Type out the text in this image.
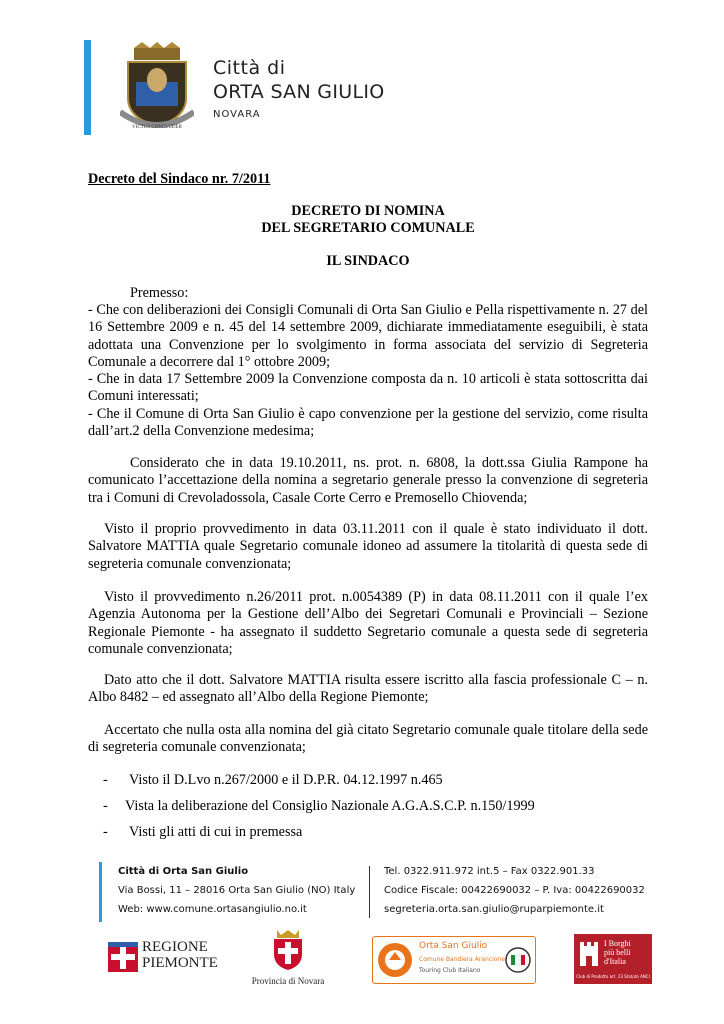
VICTUS CONCLUDER
Città di
ORTA SAN GIULIO
NOVARA
Decreto del Sindaco nr. 7/2011
DECRETO DI NOMINA
DEL SEGRETARIO COMUNALE
IL SINDACO
Premesso:
- Che con deliberazioni dei Consigli Comunali di Orta San Giulio e Pella rispettivamente n. 27 del 16 Settembre 2009 e n. 45 del 14 settembre 2009, dichiarate immediatamente eseguibili, è stata adottata una Convenzione per lo svolgimento in forma associata del servizio di Segreteria Comunale a decorrere dal 1° ottobre 2009;
- Che in data 17 Settembre 2009 la Convenzione composta da n. 10 articoli è stata sottoscritta dai Comuni interessati;
- Che il Comune di Orta San Giulio è capo convenzione per la gestione del servizio, come risulta dall’art.2 della Convenzione medesima;
Considerato che in data 19.10.2011, ns. prot. n. 6808, la dott.ssa Giulia Rampone ha comunicato l’accettazione della nomina a segretario generale presso la convenzione di segreteria tra i Comuni di Crevoladossola, Casale Corte Cerro e Premosello Chiovenda;
Visto il proprio provvedimento in data 03.11.2011 con il quale è stato individuato il dott. Salvatore MATTIA quale Segretario comunale idoneo ad assumere la titolarità di questa sede di segreteria comunale convenzionata;
Visto il provvedimento n.26/2011 prot. n.0054389 (P) in data 08.11.2011 con il quale l’ex Agenzia Autonoma per la Gestione dell’Albo dei Segretari Comunali e Provinciali – Sezione Regionale Piemonte - ha assegnato il suddetto Segretario comunale a questa sede di segreteria comunale convenzionata;
Dato atto che il dott. Salvatore MATTIA risulta essere iscritto alla fascia professionale C – n. Albo 8482 – ed assegnato all’Albo della Regione Piemonte;
Accertato che nulla osta alla nomina del già citato Segretario comunale quale titolare della sede di segreteria comunale convenzionata;
- Visto il D.Lvo n.267/2000 e il D.P.R. 04.12.1997 n.465
- Vista la deliberazione del Consiglio Nazionale A.G.A.S.C.P. n.150/1999
- Visti gli atti di cui in premessa
Città di Orta San Giulio
Via Bossi, 11 – 28016 Orta San Giulio (NO) Italy
Web: www.comune.ortasangiulio.no.it
Tel. 0322.911.972 int.5 – Fax 0322.901.33
Codice Fiscale: 00422690032 – P. Iva: 00422690032
segreteria.orta.san.giulio@ruparpiemonte.it
REGIONE
PIEMONTE
Provincia di Novara
Orta San Giulio
Comune Bandiera Arancione
Touring Club Italiano
I Borghi
più belli
d'Italia
Club di Prodotto art. 23 Statuto ANCI
